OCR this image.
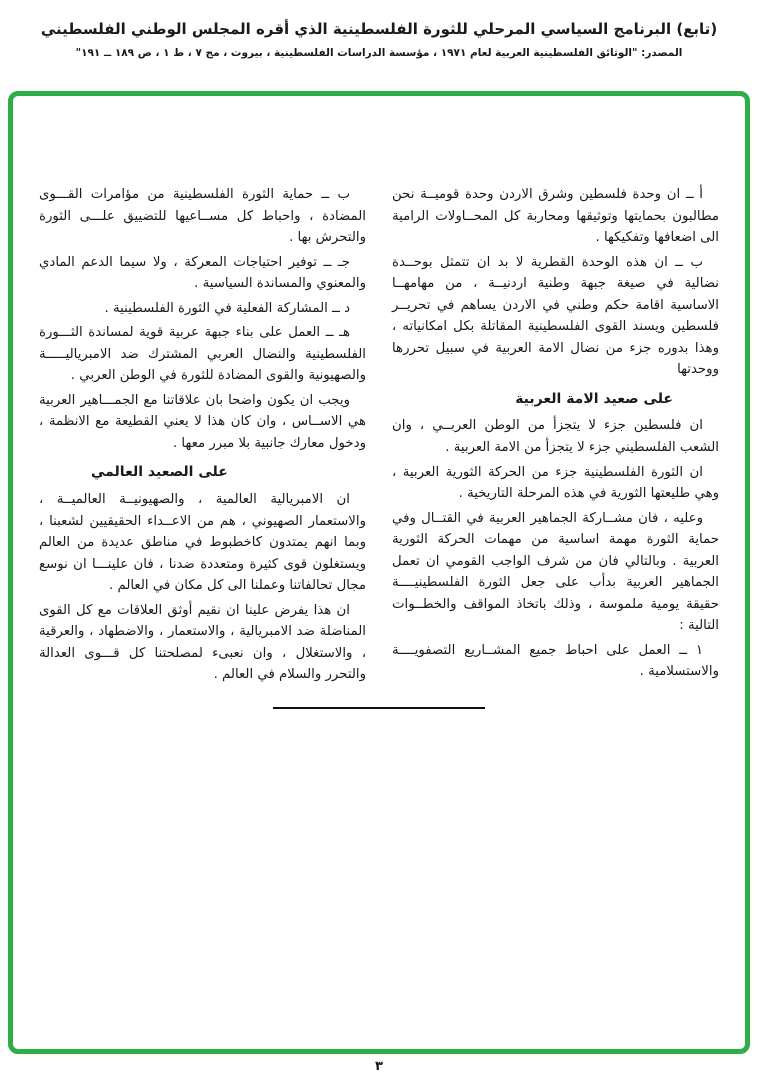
(تابع) البرنامج السياسي المرحلي للثورة الفلسطينية الذي أقره المجلس الوطني الفلسطيني
المصدر: "الوثائق الفلسطينية العربية لعام ١٩٧١ ، مؤسسة الدراسات الفلسطينية ، بيروت ، مج ٧ ، ط ١ ، ص ١٨٩ ــ ١٩١"

أ ــ ان وحدة فلسطين وشرق الاردن وحدة قوميــة نحن مطالبون بحمايتها وتوثيقها ومحاربة كل المحــاولات الرامية الى اضعافها وتفكيكها .

ب ــ ان هذه الوحدة القطرية لا بد ان تتمثل بوحــدة نضالية في صيغة جبهة وطنية اردنيــة ، من مهامهــا الاساسية اقامة حكم وطني في الاردن يساهم في تحريــر فلسطين ويسند القوى الفلسطينية المقاتلة بكل امكانياته ، وهذا بدوره جزء من نضال الامة العربية في سبيل تحررها ووحدتها

على صعيد الامة العربية

ان فلسطين جزء لا يتجزأ من الوطن العربــي ، وان الشعب الفلسطيني جزء لا يتجزأ من الامة العربية .

ان الثورة الفلسطينية جزء من الحركة الثورية العربية ، وهي طليعتها الثورية في هذه المرحلة التاريخية .

وعليه ، فان مشــاركة الجماهير العربية في القتــال وفي حماية الثورة مهمة اساسية من مهمات الحركة الثورية العربية . وبالتالي فان من شرف الواجب القومي ان تعمل الجماهير العربية بدأب على جعل الثورة الفلسطينيــــة حقيقة يومية ملموسة ، وذلك باتخاذ المواقف والخطــوات التالية :

١ ــ العمل على احباط جميع المشــاريع التصفويــــة والاستسلامية .

ب ــ حماية الثورة الفلسطينية من مؤامرات القـــوى المضادة ، واحباط كل مســاعيها للتضييق علـــى الثورة والتحرش بها .

جـ ــ توفير احتياجات المعركة ، ولا سيما الدعم المادي والمعنوي والمساندة السياسية .

د ــ المشاركة الفعلية في الثورة الفلسطينية .

هـ ــ العمل على بناء جبهة عربية قوية لمساندة الثـــورة الفلسطينية والنضال العربي المشترك ضد الامبرياليـــــة والصهيونية والقوى المضادة للثورة في الوطن العربي .

ويجب ان يكون واضحا بان علاقاتنا مع الجمـــاهير العربية هي الاســاس ، وان كان هذا لا يعني القطيعة مع الانظمة ، ودخول معارك جانبية بلا مبرر معها .

على الصعيد العالمي

ان الامبريالية العالمية ، والصهيونيــة العالميــة ، والاستعمار الصهيوني ، هم من الاعــداء الحقيقيين لشعبنا ، وبما انهم يمتدون كاخطبوط في مناطق عديدة من العالم ويستغلون قوى كثيرة ومتعددة ضدنا ، فان علينـــا ان نوسع مجال تحالفاتنا وعملنا الى كل مكان في العالم .

ان هذا يفرض علينا ان نقيم أوثق العلاقات مع كل القوى المناضلة ضد الامبريالية ، والاستعمار ، والاضطهاد ، والعرقية ، والاستغلال ، وان نعبىء لمصلحتنا كل قـــوى العدالة والتحرر والسلام في العالم .

٣
